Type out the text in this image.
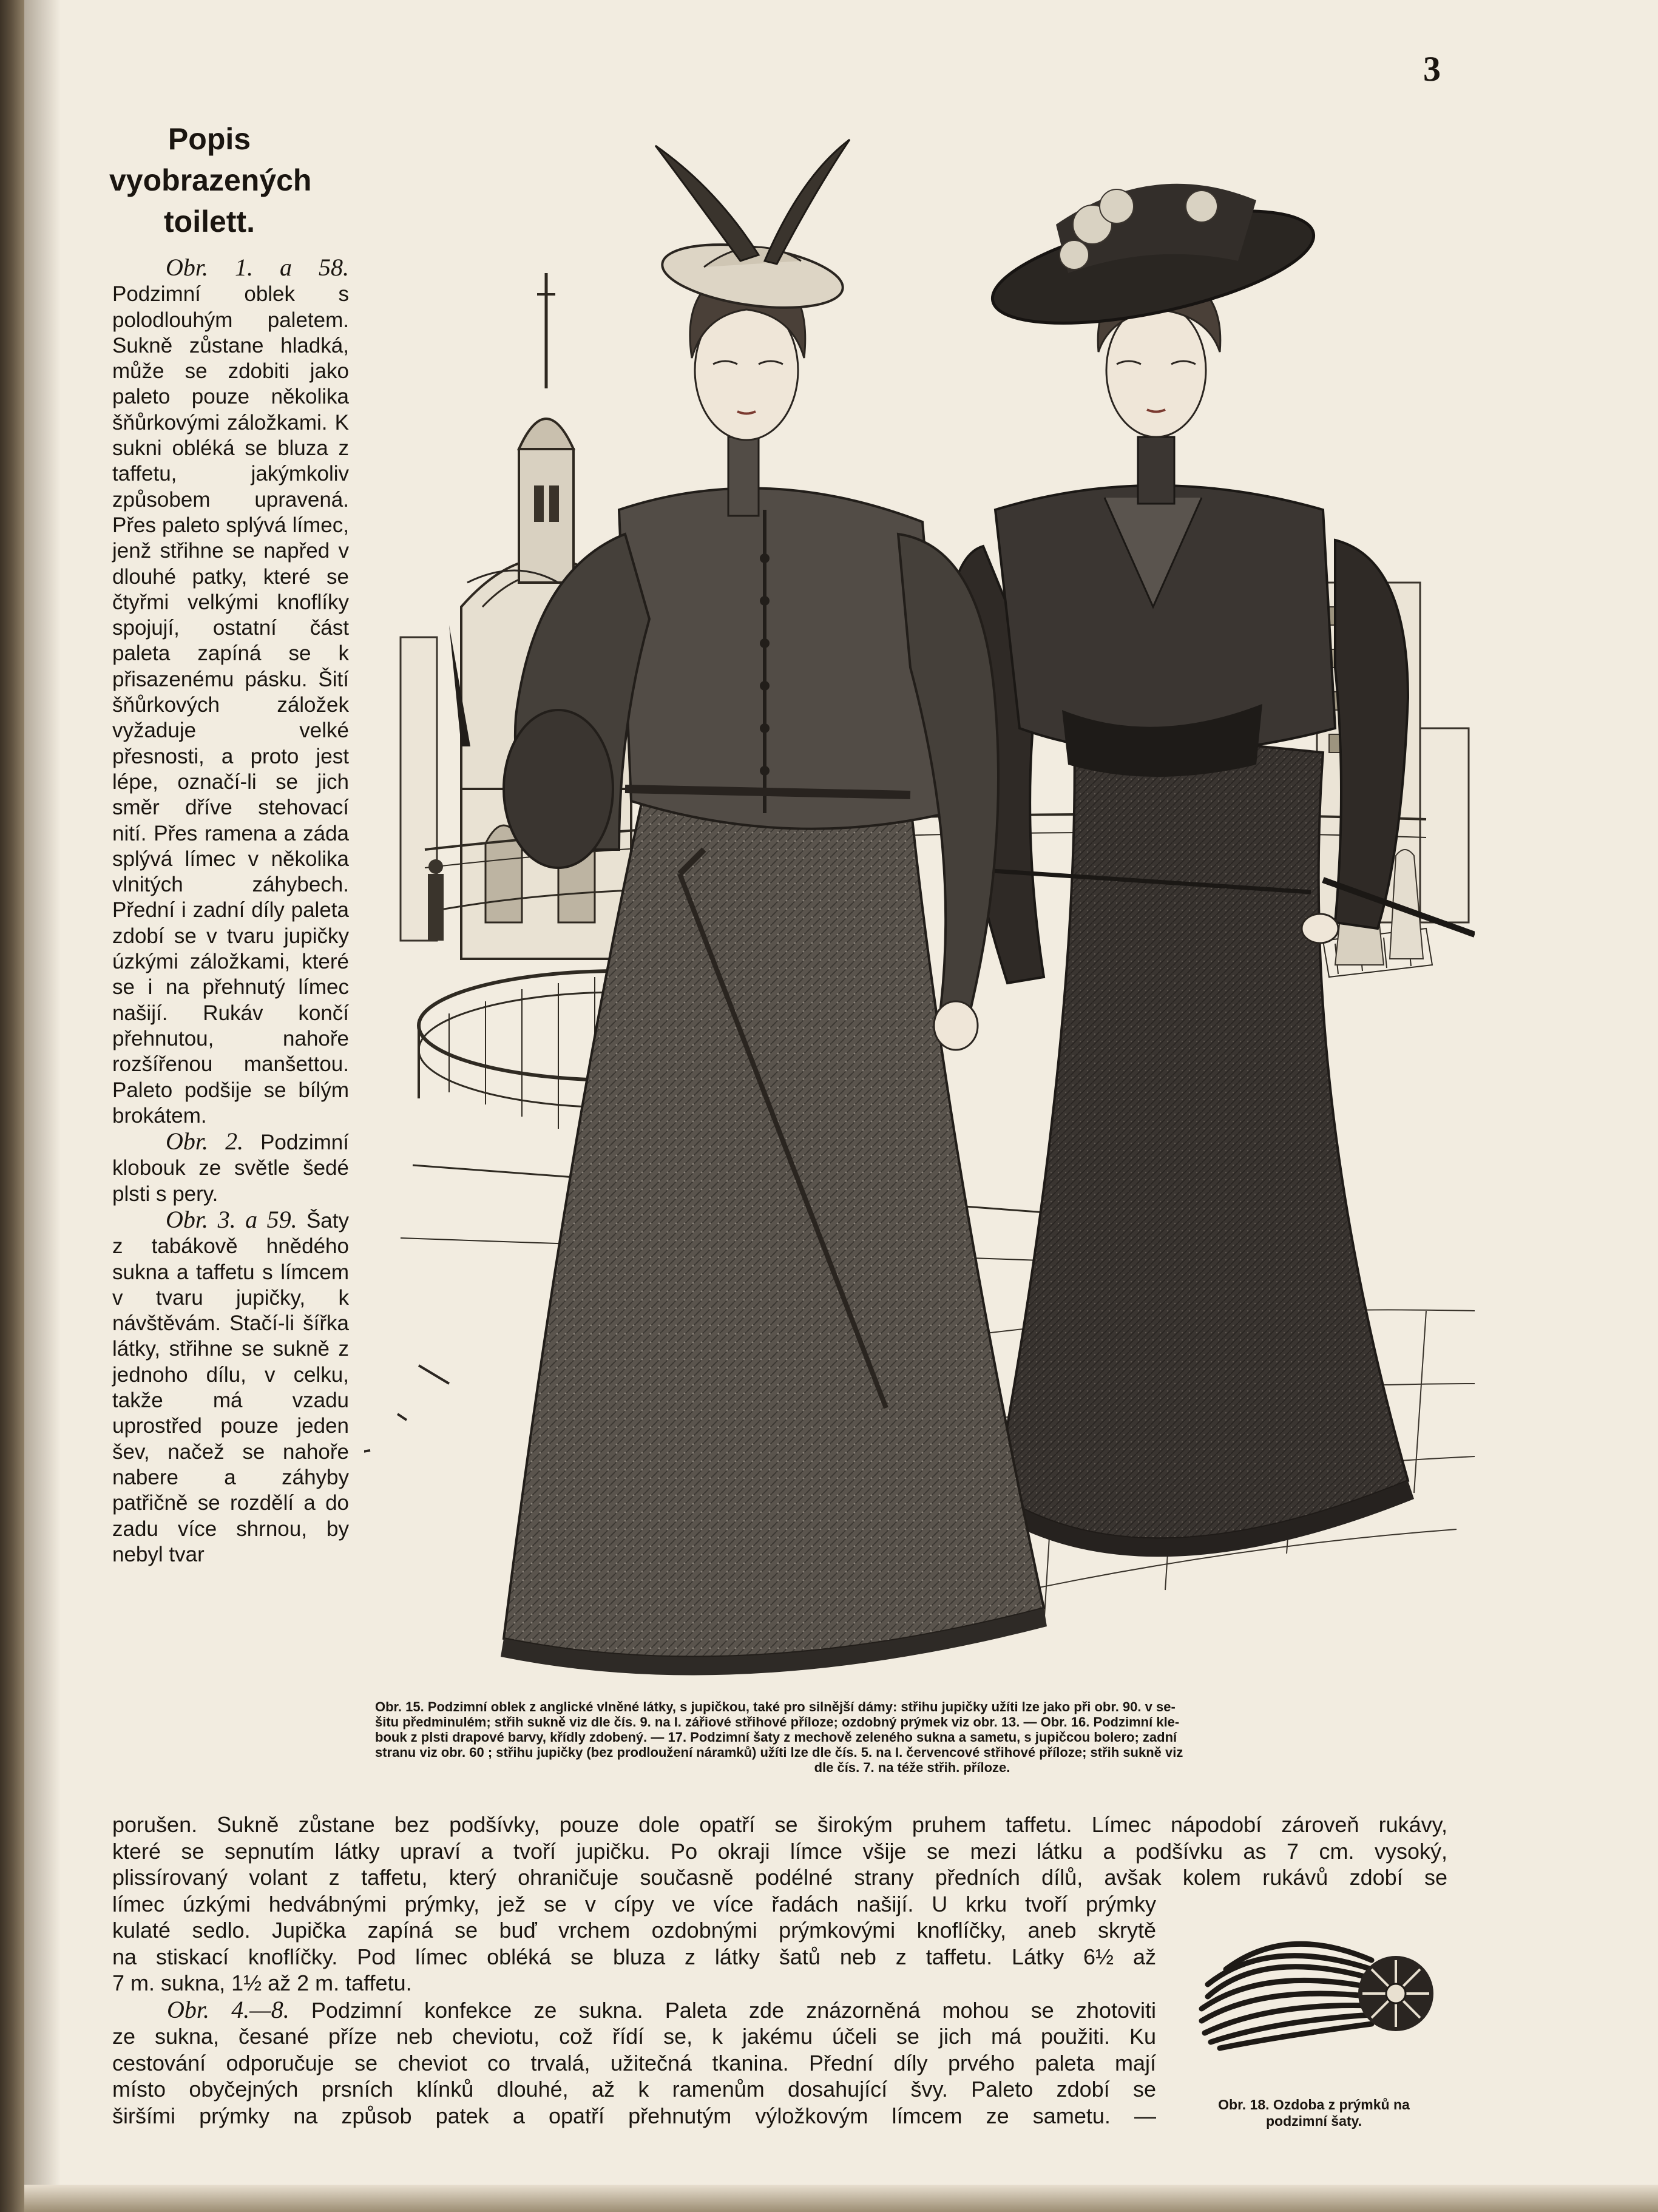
3
Popis
vyobrazených
toilett.

Obr. 1. a 58. Podzimní oblek s polodlouhým paletem. Sukně zůstane hladká, může se zdobiti jako paleto pouze několika šňůrkovými záložkami. K sukni obléká se bluza z taffetu, jakýmkoliv způsobem upravená. Přes paleto splývá límec, jenž střihne se napřed v dlouhé patky, které se čtyřmi velkými knoflíky spojují, ostatní část paleta zapíná se k přisazenému pásku. Šití šňůrkových záložek vyžaduje velké přesnosti, a proto jest lépe, označí-li se jich směr dříve stehovací nití. Přes ramena a záda splývá límec v několika vlnitých záhybech. Přední i zadní díly paleta zdobí se v tvaru jupičky úzkými záložkami, které se i na přehnutý límec našijí. Rukáv končí přehnutou, nahoře rozšířenou manšettou. Paleto podšije se bílým brokátem.

Obr. 2. Podzimní klobouk ze světle šedé plsti s pery.

Obr. 3. a 59. Šaty z tabákově hnědého sukna a taffetu s límcem v tvaru jupičky, k návštěvám. Stačí-li šířka látky, střihne se sukně z jednoho dílu, v celku, takže má vzadu uprostřed pouze jeden šev, načež se nahoře nabere a záhyby patřičně se rozdělí a do zadu více shrnou, by nebyl tvar

Obr. 15. Podzimní oblek z anglické vlněné látky, s jupičkou, také pro silnější dámy: střihu jupičky užíti lze jako při obr. 90. v se-
šitu předminulém; střih sukně viz dle čís. 9. na I. zářiové střihové příloze; ozdobný prýmek viz obr. 13. — Obr. 16. Podzimní kle-
bouk z plsti drapové barvy, křídly zdobený. — 17. Podzimní šaty z mechově zeleného sukna a sametu, s jupičcou bolero; zadní
stranu viz obr. 60 ; střihu jupičky (bez prodloužení náramků) užíti lze dle čís. 5. na I. červencové střihové příloze; střih sukně viz
dle čís. 7. na téže střih. příloze.
porušen. Sukně zůstane bez podšívky, pouze dole opatří se širokým pruhem taffetu. Límec nápodobí zároveň rukávy,
které se sepnutím látky upraví a tvoří jupičku. Po okraji límce všije se mezi látku a podšívku as 7 cm. vysoký,
plissírovaný volant z taffetu, který ohraničuje současně podélné strany předních dílů, avšak kolem rukávů zdobí se
límec úzkými hedvábnými prýmky, jež se v cípy ve více řadách našijí. U krku tvoří prýmky
kulaté sedlo. Jupička zapíná se buď vrchem ozdobnými prýmkovými knoflíčky, aneb skrytě
na stiskací knoflíčky. Pod límec obléká se bluza z látky šatů neb z taffetu. Látky 6½ až
7 m. sukna, 1½ až 2 m. taffetu.
Obr. 4.—8. Podzimní konfekce ze sukna. Paleta zde znázorněná mohou se zhotoviti
ze sukna, česané příze neb cheviotu, což řídí se, k jakému účeli se jich má použiti. Ku
cestování odporučuje se cheviot co trvalá, užitečná tkanina. Přední díly prvého paleta mají
místo obyčejných prsních klínků dlouhé, až k ramenům dosahující švy. Paleto zdobí se
širšími prýmky na způsob patek a opatří přehnutým výložkovým límcem ze sametu. —	Obr. 18. Ozdoba z prýmků na
podzimní šaty.
